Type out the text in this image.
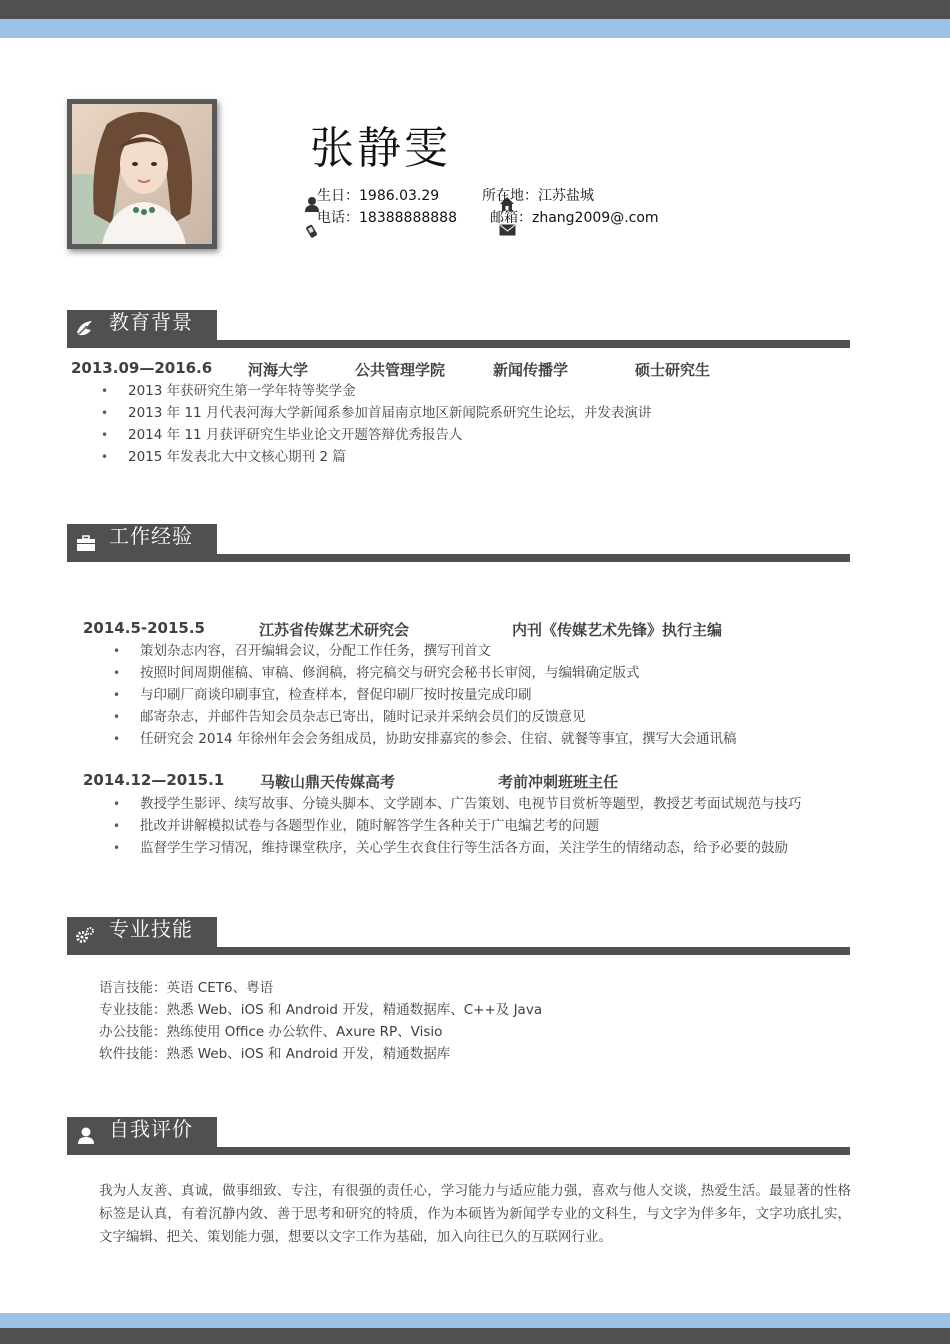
张静雯
生日：1986.03.29	所在地：江苏盐城
电话：18388888888 邮箱：zhang2009@.com
教育背景
2013.09—2016.6 河海大学	公共管理学院	新闻传播学	硕士研究生
• 2013 年获研究生第一学年特等奖学金
• 2013 年 11 月代表河海大学新闻系参加首届南京地区新闻院系研究生论坛，并发表演讲
• 2014 年 11 月获评研究生毕业论文开题答辩优秀报告人
• 2015 年发表北大中文核心期刊 2 篇
工作经验
2014.5-2015.5	江苏省传媒艺术研究会	内刊《传媒艺术先锋》执行主编
• 策划杂志内容，召开编辑会议，分配工作任务，撰写刊首文
• 按照时间周期催稿、审稿、修润稿，将完稿交与研究会秘书长审阅，与编辑确定版式
• 与印刷厂商谈印刷事宜，检查样本，督促印刷厂按时按量完成印刷
• 邮寄杂志，并邮件告知会员杂志已寄出，随时记录并采纳会员们的反馈意见
• 任研究会 2014 年徐州年会会务组成员，协助安排嘉宾的参会、住宿、就餐等事宜，撰写大会通讯稿
2014.12—2015.1 马鞍山鼎天传媒高考	考前冲刺班班主任
• 教授学生影评、续写故事、分镜头脚本、文学剧本、广告策划、电视节目赏析等题型，教授艺考面试规范与技巧
• 批改并讲解模拟试卷与各题型作业，随时解答学生各种关于广电编艺考的问题
• 监督学生学习情况，维持课堂秩序，关心学生衣食住行等生活各方面，关注学生的情绪动态，给予必要的鼓励
专业技能
语言技能：英语 CET6、粤语
专业技能：熟悉 Web、iOS 和 Android 开发，精通数据库、C++及 Java
办公技能：熟练使用 Office 办公软件、Axure RP、Visio
软件技能：熟悉 Web、iOS 和 Android 开发，精通数据库
自我评价
我为人友善、真诚，做事细致、专注，有很强的责任心，学习能力与适应能力强，喜欢与他人交谈，热爱生活。最显著的性格标签是认真，有着沉静内敛、善于思考和研究的特质，作为本硕皆为新闻学专业的文科生，与文字为伴多年，文字功底扎实，文字编辑、把关、策划能力强，想要以文字工作为基础，加入向往已久的互联网行业。
